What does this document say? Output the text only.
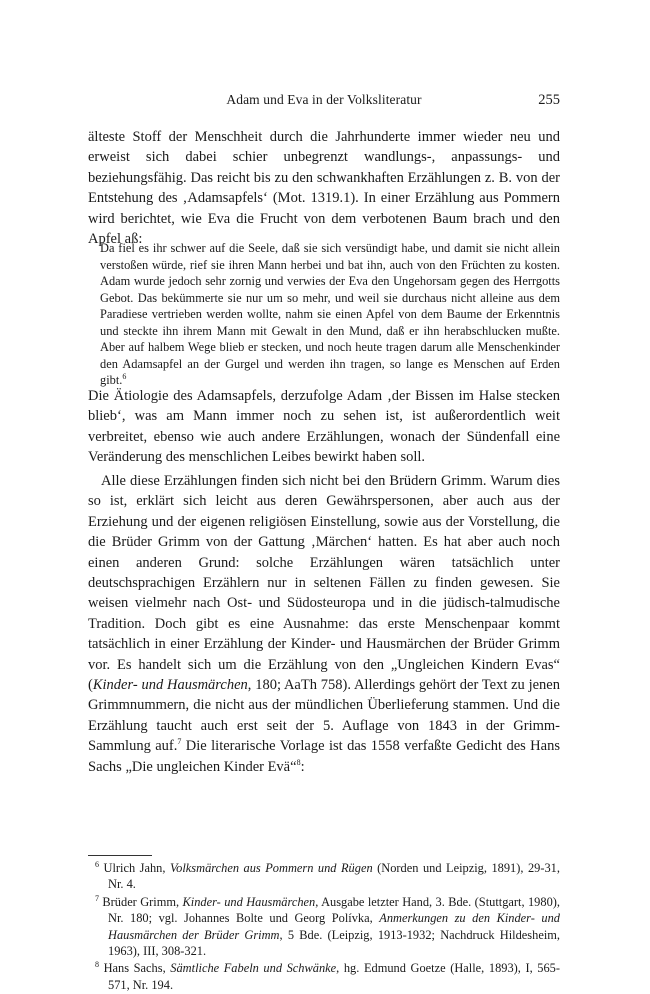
Adam und Eva in der Volksliteratur	255

älteste Stoff der Menschheit durch die Jahrhunderte immer wieder neu und erweist sich dabei schier unbegrenzt wandlungs-, anpassungs- und beziehungsfähig. Das reicht bis zu den schwankhaften Erzählungen z. B. von der Entstehung des ‚Adamsapfels‘ (Mot. 1319.1). In einer Erzählung aus Pommern wird berichtet, wie Eva die Frucht von dem verbotenen Baum brach und den Apfel aß:

Da fiel es ihr schwer auf die Seele, daß sie sich versündigt habe, und damit sie nicht allein verstoßen würde, rief sie ihren Mann herbei und bat ihn, auch von den Früchten zu kosten. Adam wurde jedoch sehr zornig und verwies der Eva den Ungehorsam gegen des Herrgotts Gebot. Das bekümmerte sie nur um so mehr, und weil sie durchaus nicht alleine aus dem Paradiese vertrieben werden wollte, nahm sie einen Apfel von dem Baume der Erkenntnis und steckte ihn ihrem Mann mit Gewalt in den Mund, daß er ihn herabschlucken mußte. Aber auf halbem Wege blieb er stecken, und noch heute tragen darum alle Menschenkinder den Adamsapfel an der Gurgel und werden ihn tragen, so lange es Menschen auf Erden gibt.$^6$

Die Ätiologie des Adamsapfels, derzufolge Adam ‚der Bissen im Halse stecken blieb‘, was am Mann immer noch zu sehen ist, ist außerordentlich weit verbreitet, ebenso wie auch andere Erzählungen, wonach der Sündenfall eine Veränderung des menschlichen Leibes bewirkt haben soll.

Alle diese Erzählungen finden sich nicht bei den Brüdern Grimm. Warum dies so ist, erklärt sich leicht aus deren Gewährspersonen, aber auch aus der Erziehung und der eigenen religiösen Einstellung, sowie aus der Vorstellung, die die Brüder Grimm von der Gattung ‚Märchen‘ hatten. Es hat aber auch noch einen anderen Grund: solche Erzählungen wären tatsächlich unter deutschsprachigen Erzählern nur in seltenen Fällen zu finden gewesen. Sie weisen vielmehr nach Ost- und Südosteuropa und in die jüdisch-talmudische Tradition. Doch gibt es eine Ausnahme: das erste Menschenpaar kommt tatsächlich in einer Erzählung der Kinder- und Hausmärchen der Brüder Grimm vor. Es handelt sich um die Erzählung von den „Ungleichen Kindern Evas“ (Kinder- und Hausmärchen, 180; AaTh 758). Allerdings gehört der Text zu jenen Grimmnummern, die nicht aus der mündlichen Überlieferung stammen. Und die Erzählung taucht auch erst seit der 5. Auflage von 1843 in der Grimm-Sammlung auf.$^7$ Die literarische Vorlage ist das 1558 verfaßte Gedicht des Hans Sachs „Die ungleichen Kinder Evä“$^8$:

$^6$ Ulrich Jahn, Volksmärchen aus Pommern und Rügen (Norden und Leipzig, 1891), 29-31, Nr. 4.

$^7$ Brüder Grimm, Kinder- und Hausmärchen, Ausgabe letzter Hand, 3. Bde. (Stuttgart, 1980), Nr. 180; vgl. Johannes Bolte und Georg Polívka, Anmerkungen zu den Kinder- und Hausmärchen der Brüder Grimm, 5 Bde. (Leipzig, 1913-1932; Nachdruck Hildesheim, 1963), III, 308-321.

$^8$ Hans Sachs, Sämtliche Fabeln und Schwänke, hg. Edmund Goetze (Halle, 1893), I, 565-571, Nr. 194.
